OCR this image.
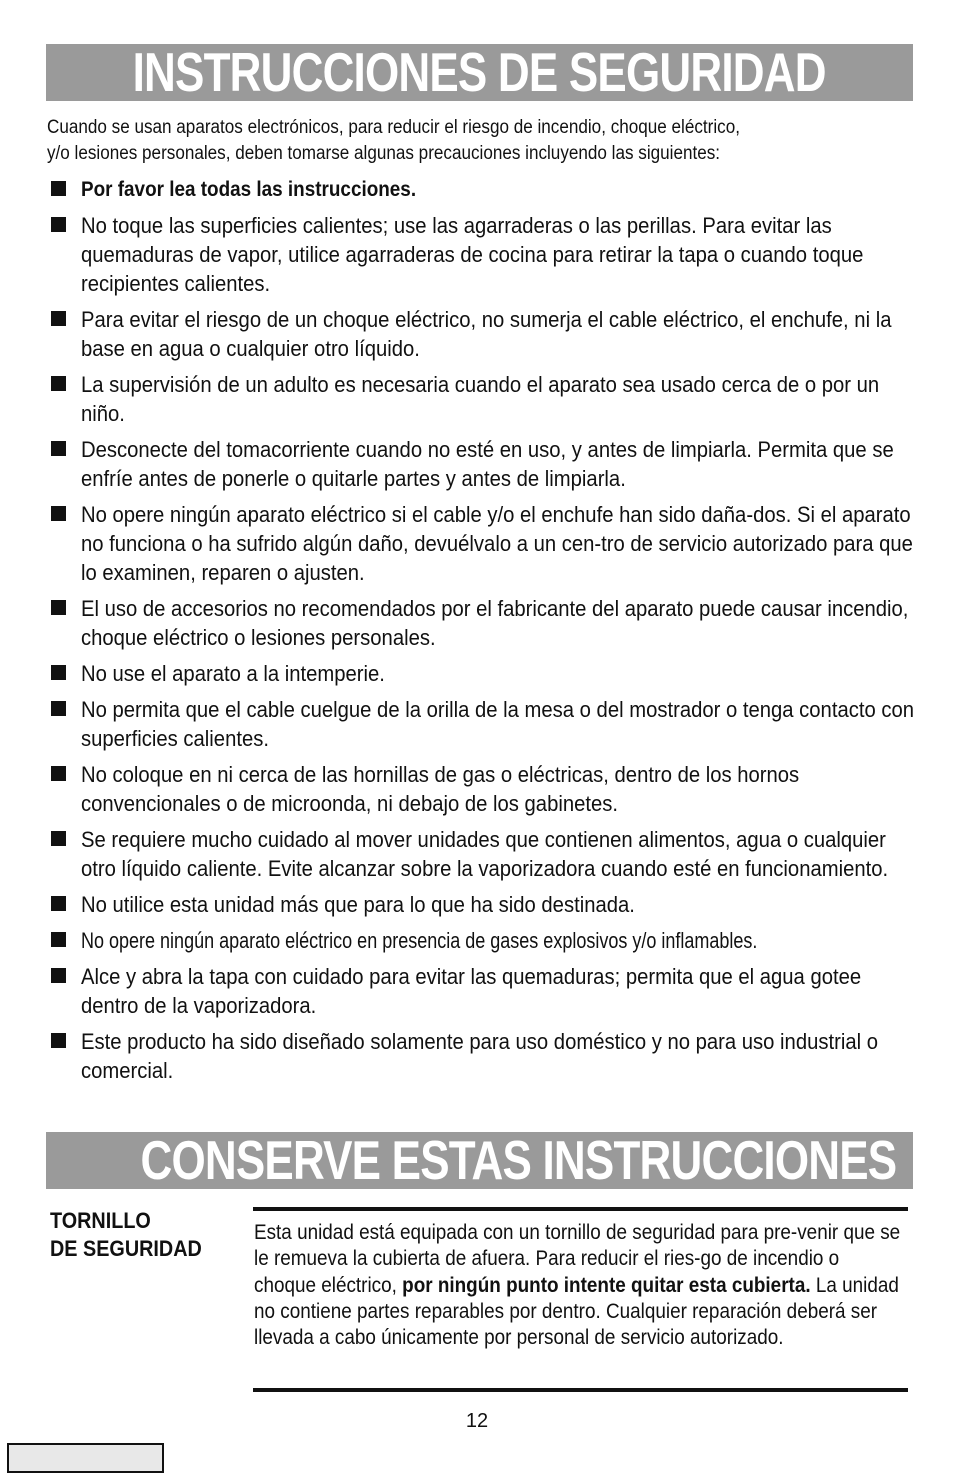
INSTRUCCIONES DE SEGURIDAD
Cuando se usan aparatos electrónicos, para reducir el riesgo de incendio, choque eléctrico,
y/o lesiones personales, deben tomarse algunas precauciones incluyendo las siguientes:
Por favor lea todas las instrucciones.
No toque las superficies calientes; use las agarraderas o las perillas. Para evitar las quemaduras de vapor, utilice agarraderas de cocina para retirar la tapa o cuando toque recipientes calientes.
Para evitar el riesgo de un choque eléctrico, no sumerja el cable eléctrico, el enchufe, ni la base en agua o cualquier otro líquido.
La supervisión de un adulto es necesaria cuando el aparato sea usado cerca de o por un niño.
Desconecte del tomacorriente cuando no esté en uso, y antes de limpiarla. Permita que se enfríe antes de ponerle o quitarle partes y antes de limpiarla.
No opere ningún aparato eléctrico si el cable y/o el enchufe han sido daña-dos. Si el aparato no funciona o ha sufrido algún daño, devuélvalo a un cen-tro de servicio autorizado para que lo examinen, reparen o ajusten.
El uso de accesorios no recomendados por el fabricante del aparato puede causar incendio, choque eléctrico o lesiones personales.
No use el aparato a la intemperie.
No permita que el cable cuelgue de la orilla de la mesa o del mostrador o tenga contacto con superficies calientes.
No coloque en ni cerca de las hornillas de gas o eléctricas, dentro de los hornos convencionales o de microonda, ni debajo de los gabinetes.
Se requiere mucho cuidado al mover unidades que contienen alimentos, agua o cualquier otro líquido caliente. Evite alcanzar sobre la vaporizadora cuando esté en funcionamiento.
No utilice esta unidad más que para lo que ha sido destinada.
No opere ningún aparato eléctrico en presencia de gases explosivos y/o inflamables.
Alce y abra la tapa con cuidado para evitar las quemaduras; permita que el agua gotee dentro de la vaporizadora.
Este producto ha sido diseñado solamente para uso doméstico y no para uso industrial o comercial.
CONSERVE ESTAS INSTRUCCIONES
TORNILLO
DE SEGURIDAD
Esta unidad está equipada con un tornillo de seguridad para pre-venir que se le remueva la cubierta de afuera. Para reducir el ries-go de incendio o choque eléctrico, por ningún punto intente quitar esta cubierta. La unidad no contiene partes reparables por dentro. Cualquier reparación deberá ser llevada a cabo únicamente por personal de servicio autorizado.
12
